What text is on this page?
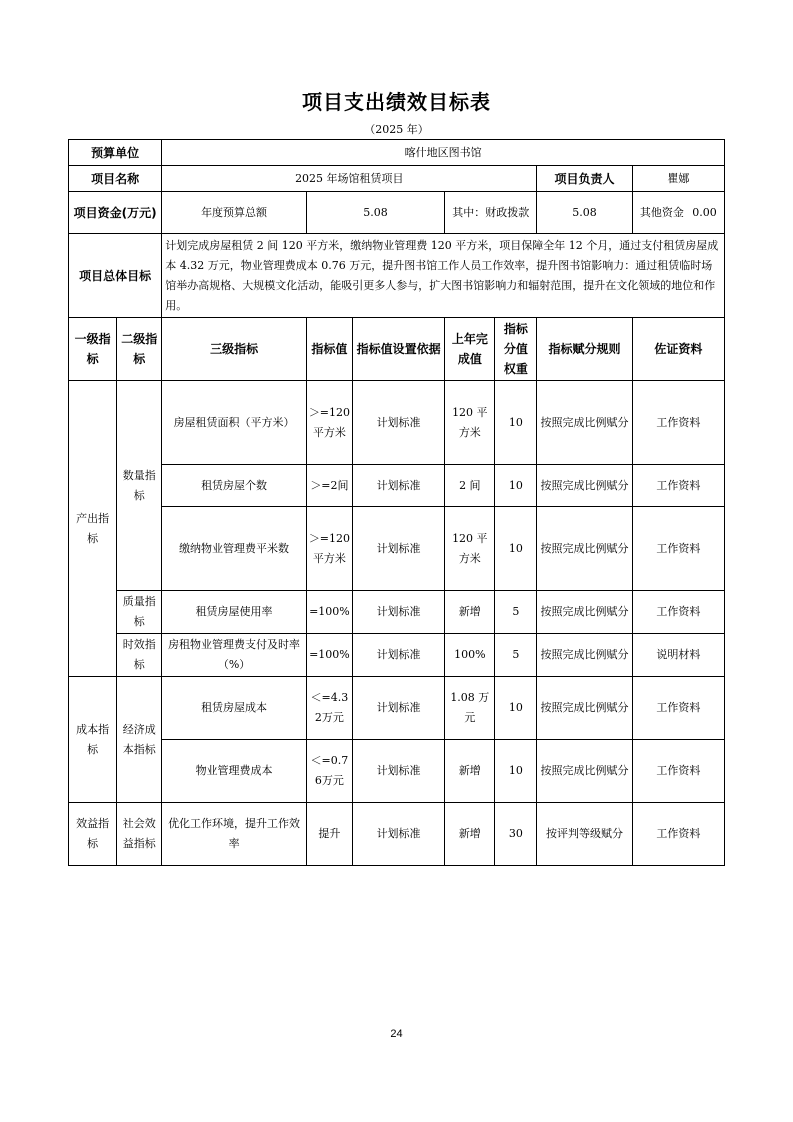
项目支出绩效目标表
（2025 年）
预算单位		喀什地区图书馆						
项目名称		2025 年场馆租赁项目					项目负责人	瞿娜
项目资金(万元)		年度预算总额	5.08		其中：财政拨款		5.08	其他资金 0.00

项目总体目标		计划完成房屋租赁 2 间 120 平方米，缴纳物业管理费 120 平方米，项目保障全年 12 个月，通过支付租赁房屋成本 4.32 万元，物业管理费成本 0.76 万元，提升图书馆工作人员工作效率，提升图书馆影响力：通过租赁临时场馆举办高规格、大规模文化活动，能吸引更多人参与，扩大图书馆影响力和辐射范围，提升在文化领域的地位和作用。						
一级指标	二级指标	三级指标	指标值	指标值设置依据	上年完成值	指标分值权重	指标赋分规则	佐证资料
产出指标	数量指标	房屋租赁面积（平方米）	＞=120平方米	计划标准	120 平方米	10	按照完成比例赋分	工作资料
		租赁房屋个数	＞=2间	计划标准	2 间	10	按照完成比例赋分	工作资料
		缴纳物业管理费平米数	＞=120平方米	计划标准	120 平方米	10	按照完成比例赋分	工作资料
	质量指标	租赁房屋使用率	=100%	计划标准	新增	5	按照完成比例赋分	工作资料
	时效指标	房租物业管理费支付及时率（%）	=100%	计划标准	100%	5	按照完成比例赋分	说明材料
成本指标	经济成本指标	租赁房屋成本	＜=4.32万元	计划标准	1.08 万元	10	按照完成比例赋分	工作资料
		物业管理费成本	＜=0.76万元	计划标准	新增	10	按照完成比例赋分	工作资料
效益指标	社会效益指标	优化工作环境，提升工作效率	提升	计划标准	新增	30	按评判等级赋分	工作资料
24
